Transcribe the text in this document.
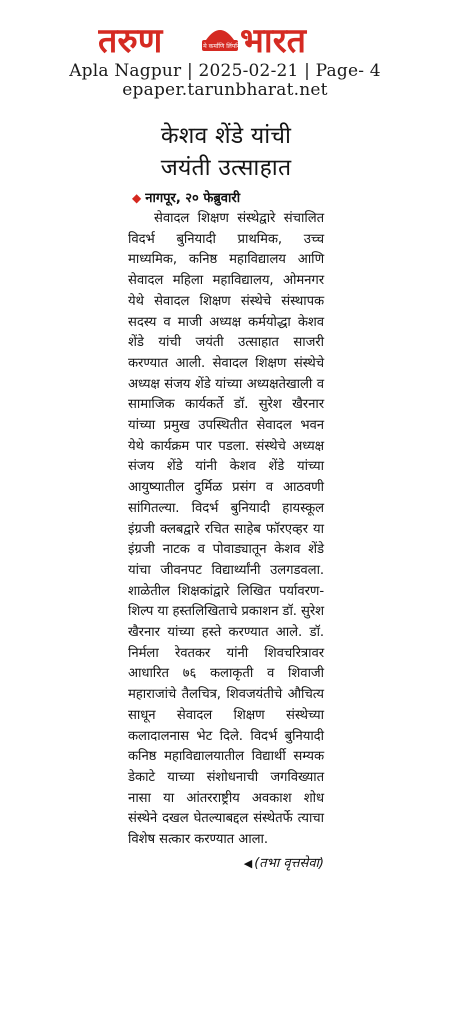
तरुण	न मे कर्माणि लिंपन्ति
भारत
Apla Nagpur | 2025-02-21 | Page- 4
epaper.tarunbharat.net
केशव शेंडे यांची
जयंती उत्साहात
◆ नागपूर, २० फेब्रुवारी

सेवादल शिक्षण संस्थेद्वारे संचालित विदर्भ बुनियादी प्राथमिक, उच्च माध्यमिक, कनिष्ठ महाविद्यालय आणि सेवादल महिला महाविद्यालय, ओमनगर येथे सेवादल शिक्षण संस्थेचे संस्थापक सदस्य व माजी अध्यक्ष कर्मयोद्धा केशव शेंडे यांची जयंती उत्साहात साजरी करण्यात आली. सेवादल शिक्षण संस्थेचे अध्यक्ष संजय शेंडे यांच्या अध्यक्षतेखाली व सामाजिक कार्यकर्ते डॉ. सुरेश खैरनार यांच्या प्रमुख उपस्थितीत सेवादल भवन येथे कार्यक्रम पार पडला. संस्थेचे अध्यक्ष संजय शेंडे यांनी केशव शेंडे यांच्या आयुष्यातील दुर्मिळ प्रसंग व आठवणी सांगितल्या. विदर्भ बुनियादी हायस्कूल इंग्रजी क्लबद्वारे रचित साहेब फॉरएव्हर या इंग्रजी नाटक व पोवाड्यातून केशव शेंडे यांचा जीवनपट विद्यार्थ्यांनी उलगडवला. शाळेतील शिक्षकांद्वारे लिखित पर्यावरण-शिल्प या हस्तलिखिताचे प्रकाशन डॉ. सुरेश खैरनार यांच्या हस्ते करण्यात आले. डॉ. निर्मला रेवतकर यांनी शिवचरित्रावर आधारित ७६ कलाकृती व शिवाजी महाराजांचे तैलचित्र, शिवजयंतीचे औचित्य साधून सेवादल शिक्षण संस्थेच्या कलादालनास भेट दिले. विदर्भ बुनियादी कनिष्ठ महाविद्यालयातील विद्यार्थी सम्यक डेकाटे याच्या संशोधनाची जगविख्यात नासा या आंतरराष्ट्रीय अवकाश शोध संस्थेने दखल घेतल्याबद्दल संस्थेतर्फे त्याचा विशेष सत्कार करण्यात आला.

◀ (तभा वृत्तसेवा)
